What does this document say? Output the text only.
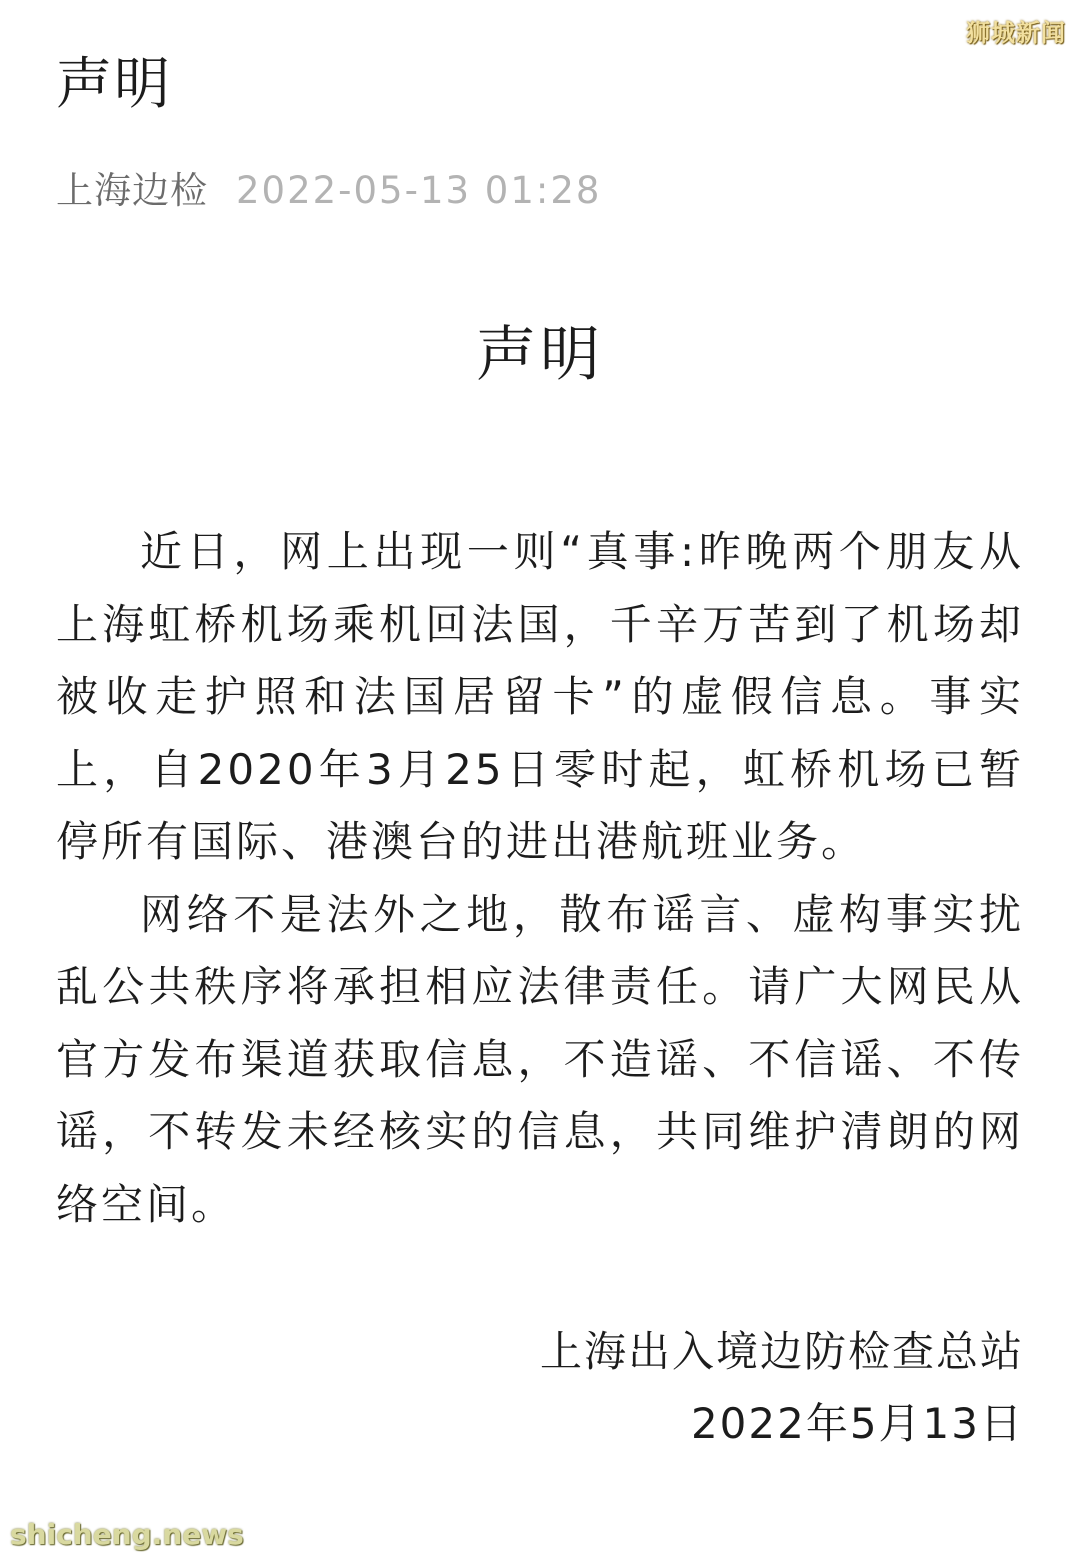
声明
上海边检 2022-05-13 01:28
声明

近日，网上出现一则“真事:昨晚两个朋友从上海虹桥机场乘机回法国，千辛万苦到了机场却被收走护照和法国居留卡”的虚假信息。事实上，自2020年3月25日零时起，虹桥机场已暂停所有国际、港澳台的进出港航班业务。

网络不是法外之地，散布谣言、虚构事实扰乱公共秩序将承担相应法律责任。请广大网民从官方发布渠道获取信息，不造谣、不信谣、不传谣，不转发未经核实的信息，共同维护清朗的网络空间。

上海出入境边防检查总站
2022年5月13日
狮城新闻
shicheng.news
